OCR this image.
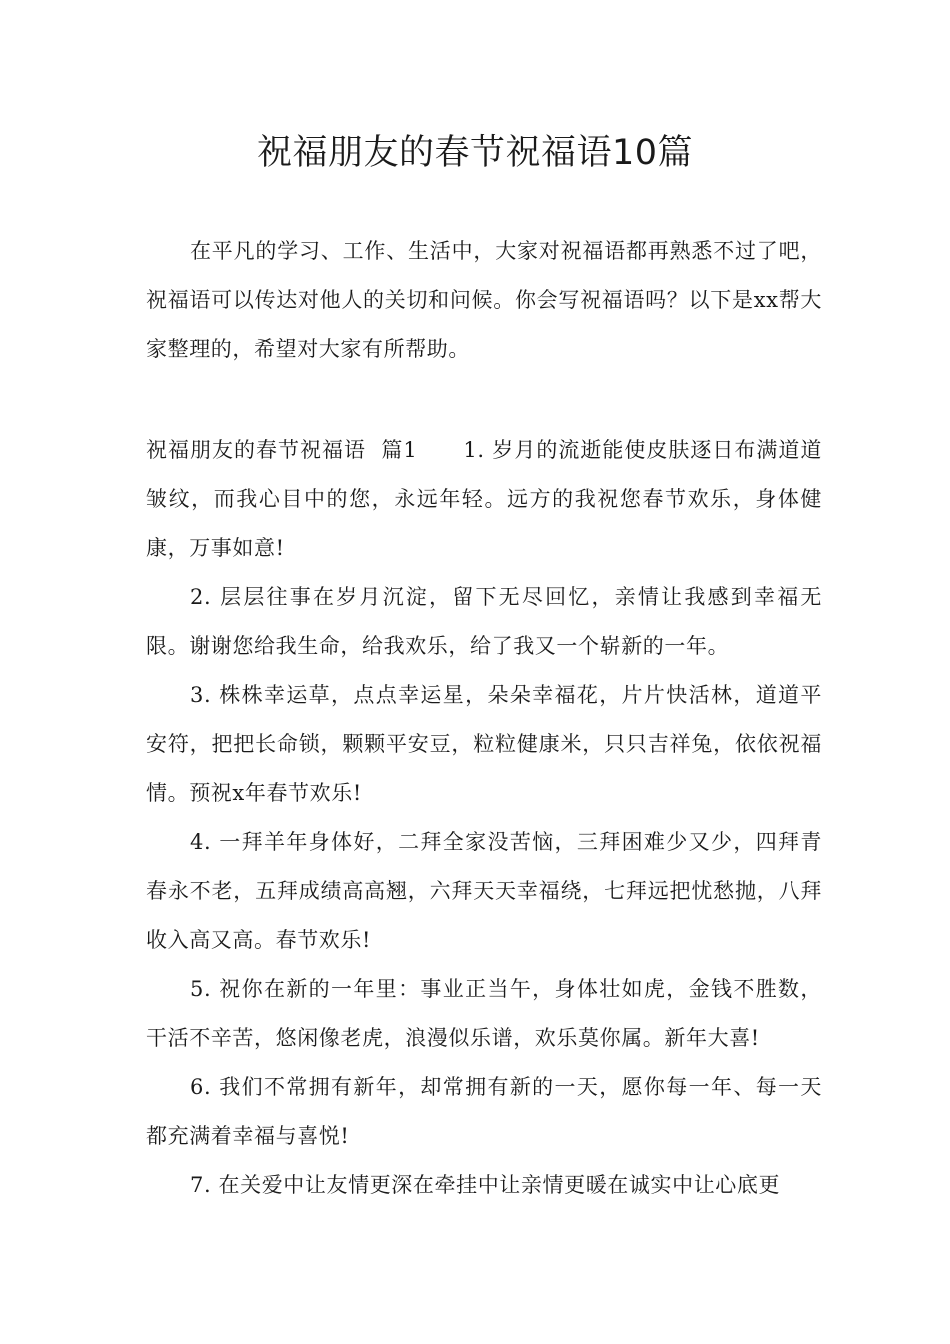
祝福朋友的春节祝福语10篇

在平凡的学习、工作、生活中，大家对祝福语都再熟悉不过了吧，祝福语可以传达对他人的关切和问候。你会写祝福语吗？以下是xx帮大家整理的，希望对大家有所帮助。

祝福朋友的春节祝福语  篇1 1. 岁月的流逝能使皮肤逐日布满道道皱纹，而我心目中的您，永远年轻。远方的我祝您春节欢乐，身体健康，万事如意!

2. 层层往事在岁月沉淀，留下无尽回忆，亲情让我感到幸福无限。谢谢您给我生命，给我欢乐，给了我又一个崭新的一年。

3. 株株幸运草，点点幸运星，朵朵幸福花，片片快活林，道道平安符，把把长命锁，颗颗平安豆，粒粒健康米，只只吉祥兔，依依祝福情。预祝x年春节欢乐!

4. 一拜羊年身体好，二拜全家没苦恼，三拜困难少又少，四拜青春永不老，五拜成绩高高翘，六拜天天幸福绕，七拜远把忧愁抛，八拜收入高又高。春节欢乐!

5. 祝你在新的一年里：事业正当午，身体壮如虎，金钱不胜数，干活不辛苦，悠闲像老虎，浪漫似乐谱，欢乐莫你属。新年大喜!

6. 我们不常拥有新年，却常拥有新的一天，愿你每一年、每一天都充满着幸福与喜悦!

7. 在关爱中让友情更深在牵挂中让亲情更暖在诚实中让心底更
